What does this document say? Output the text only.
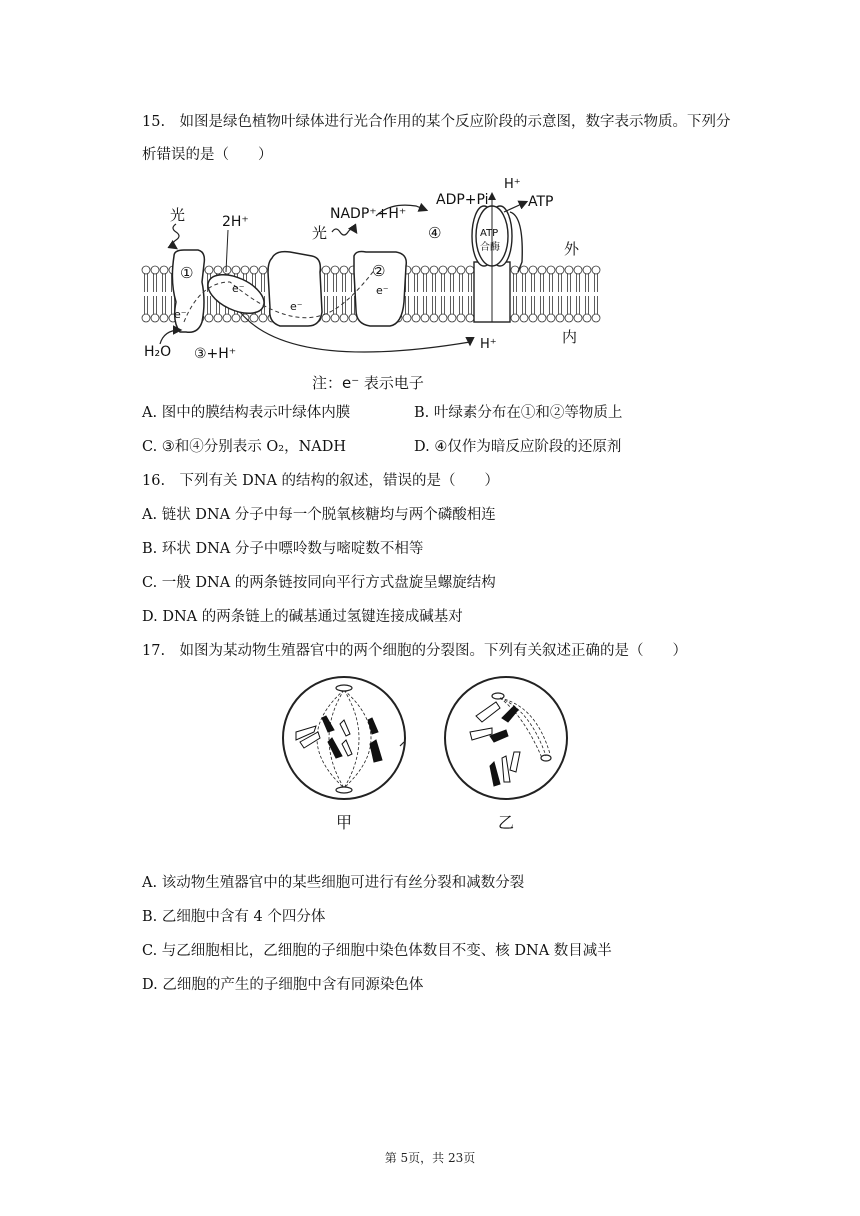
15.　如图是绿色植物叶绿体进行光合作用的某个反应阶段的示意图，数字表示物质。下列分
析错误的是（　　）
光
光
2H⁺	NADP⁺+H⁺
ADP+Pi
H⁺
ATP
ATP
合酶	外
内
H⁺
H₂O ③+H⁺
①	②
④
e⁻
e⁻
e⁻
e⁻
注：e⁻ 表示电子
A. 图中的膜结构表示叶绿体内膜	B. 叶绿素分布在①和②等物质上
C. ③和④分别表示 O₂，NADH	D. ④仅作为暗反应阶段的还原剂
16.　下列有关 DNA 的结构的叙述，错误的是（　　）
A. 链状 DNA 分子中每一个脱氧核糖均与两个磷酸相连
B. 环状 DNA 分子中嘌呤数与嘧啶数不相等
C. 一般 DNA 的两条链按同向平行方式盘旋呈螺旋结构
D. DNA 的两条链上的碱基通过氢键连接成碱基对
17.　如图为某动物生殖器官中的两个细胞的分裂图。下列有关叙述正确的是（　　）
甲	乙
A. 该动物生殖器官中的某些细胞可进行有丝分裂和减数分裂
B. 乙细胞中含有 4 个四分体
C. 与乙细胞相比，乙细胞的子细胞中染色体数目不变、核 DNA 数目减半
D. 乙细胞的产生的子细胞中含有同源染色体
第 5页，共 23页
